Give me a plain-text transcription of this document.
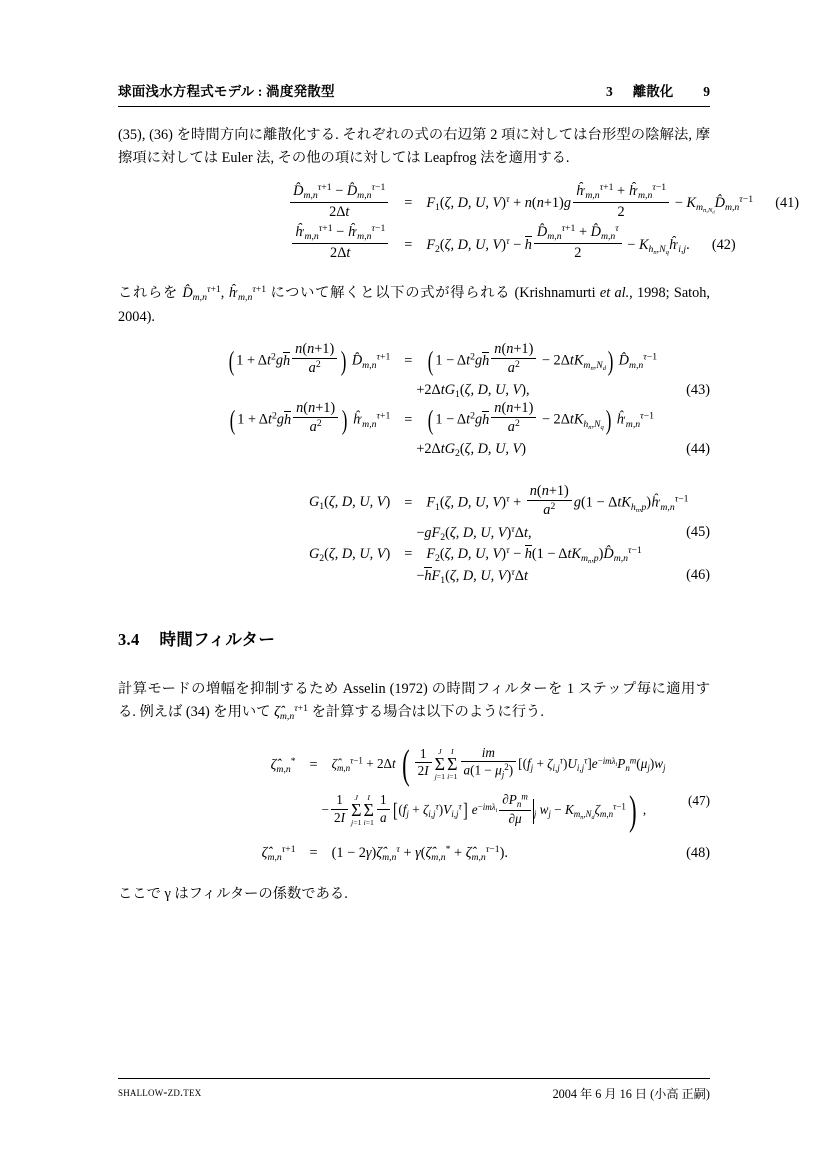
球面浅水方程式モデル : 渦度発散型	3 離散化 9

(35), (36) を時間方向に離散化する. それぞれの式の右辺第 2 項に対しては台形型の陰解法, 摩擦項に対しては Euler 法, その他の項に対しては Leapfrog 法を適用する.

$\frac{D̂_{m,n}^{\tau+1} - D̂_{m,n}^{\tau-1}}{2\Delta t} = F_1(\zeta$, D, U, $V)^\tau + n(n+1)g \frac{ĥ'_{m,n}^{\tau+1} + ĥ'_{m,n}^{\tau-1}}{2}$ − $K_{m_{n,N_d}}D̂_{m,n}^{\tau-1}$	(41)
$\frac{ĥ'_{m,n}^{\tau+1} - ĥ'_{m,n}^{\tau-1}}{2\Delta t} = F_2(\zeta$, D, U, V)$^\tau$ − h $\frac{D̂_{m,n}^{\tau+1} + D̂_{m,n}^\tau}{2}$ − $K_{h_n,N_q}ĥ'_{i,j}$.	(42)

これらを $D̂_{m,n}^{\tau+1}$, $ĥ'_{m,n}^{\tau+1}$ について解くと以下の式が得られる (Krishnamurti et al., 1998; Satoh, 2004).

( $1 + \Delta t^2gh \frac{n(n+1)}{a^2}$ ) $D̂_{m,n}^{\tau+1}$ = ( $1 - \Delta t^2gh \frac{n(n+1)}{a^2} - 2\Delta tK_{m_n,N_d}$) $D̂_{m,n}^{\tau-1}$
+2ΔtG$_1$(ζ, D, U, V),	(43)
( $1 + \Delta t^2gh \frac{n(n+1)}{a^2}$ ) $ĥ'_{m,n}^{\tau+1}$ = ( $1 - \Delta t^2gh \frac{n(n+1)}{a^2} - 2\Delta tK_{h_n,N_q}$) $ĥ'_{m,n}^{\tau-1}$
+2ΔtG$_2$(ζ, D, U, V)	(44)
$G_1(\zeta$, D, U, $V) = F_1(\zeta$, D, U, $V)^\tau + \frac{n(n+1)}{a^2} g(1$ − $\Delta tK_{h_n,p})ĥ'_{m,n}^{\tau-1}$
$-gF_2(\zeta$, D, U, V)$^\tau$Δt,	(45)
$G_2(\zeta$, D, U, $V) = F_2(\zeta$, D, U, $V)^\tau - h(1 - \Delta tK_{m_n,p})D̂_{m,n}^{\tau-1}$
$-hF_1(\zeta$, D, U, V)$^\tau$Δt	(46)
3.4 時間フィルター

計算モードの増幅を抑制するため Asselin (1972) の時間フィルターを 1 ステップ毎に適用する. 例えば (34) を用いて $\zetâ_{m,n}^{\tau+1}$ を計算する場合は以下のように行う.

$\zetâ_{m,n}^*$ =	$\zetâ_{m,n}^{\tau-1} + 2\Delta t$ ( $\frac{1}{2I}$ J
Σ
j=1
I
Σ
$i=1 \frac{im}{a(1 - \mu_j^2)} [(f_j + \zeta_{i,j}^\tau)U_{i,j}^\tau]e^{-im\lambda_i}P_n^m(\mu_j)w_j$
− $\frac{1}{2I}$ J
Σ
j=1
I
Σ
$i=1 \frac{1}{a} [(f_j + \zeta_{i,j}^\tau)V_{i,j}^\tau]$ $e^{-im\lambda_i} \frac{\partial P_n^m}{\partial\mu} _j$ $w_j - K_{m_n,N_d}\zeta_{m,n}^{\tau-1}$) ,
(47)
$\zetâ_{m,n}^{\tau+1} = (1$ − $2\gamma)\zetâ_{m,n}^\tau$ + $\gamma(\zetâ_{m,n}^*$ + $\zetâ_{m,n}^{\tau-1}$).	(48)

ここで γ はフィルターの係数である.

shallow-zd.tex	2004 年 6 月 16 日 (小高 正嗣)
